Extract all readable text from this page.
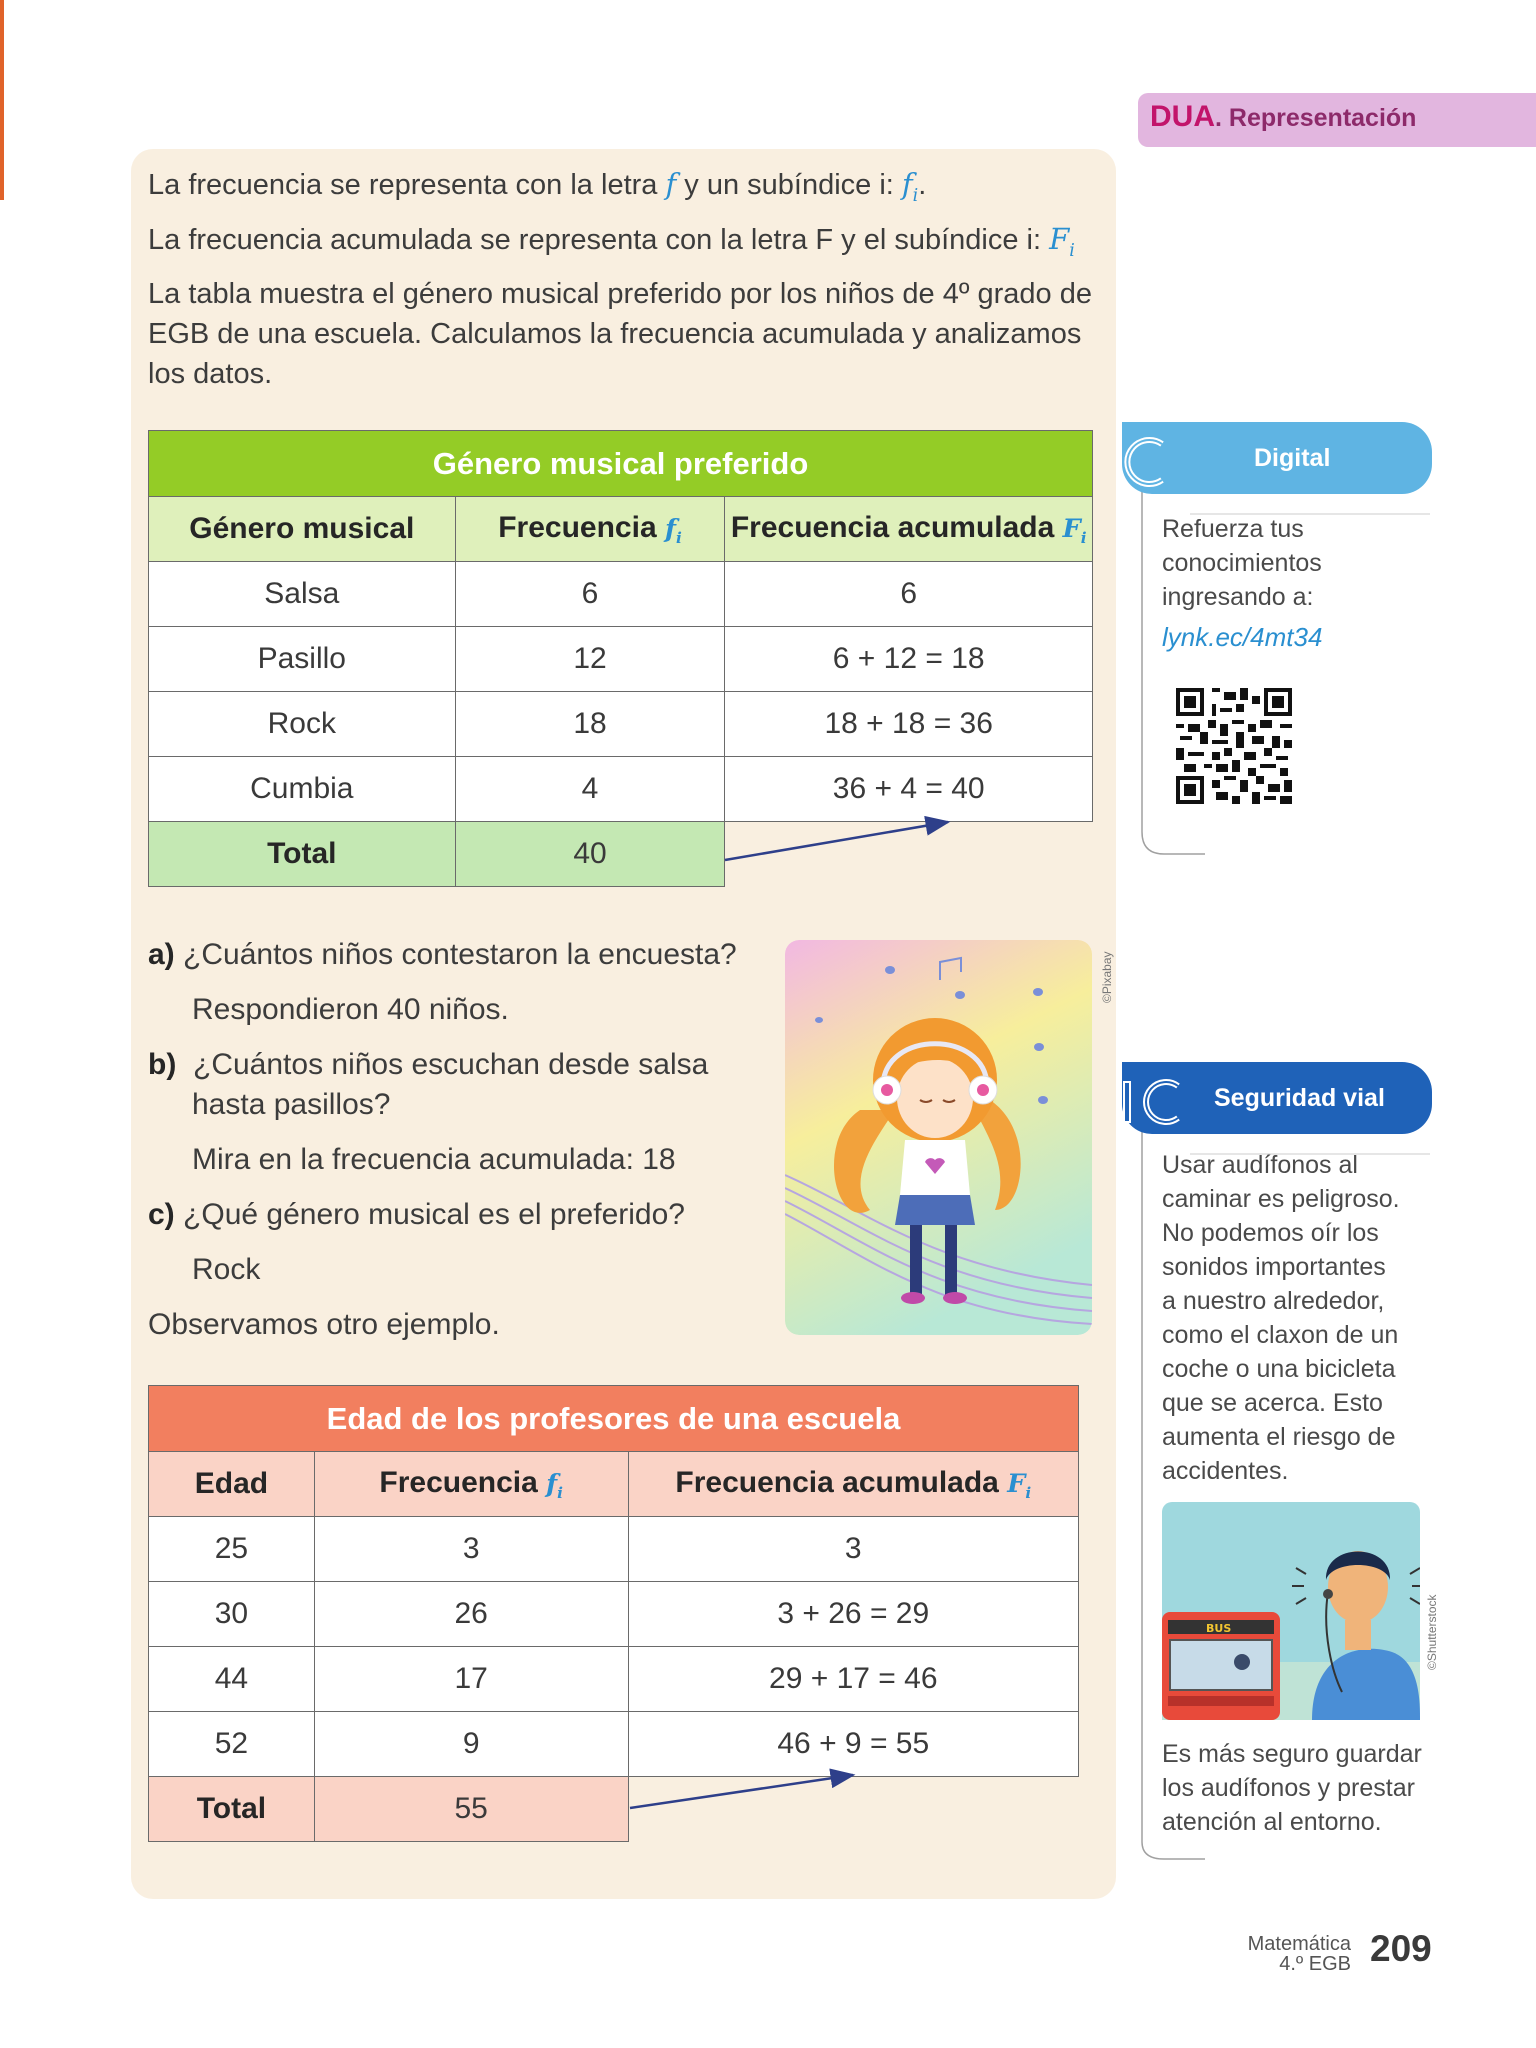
DUA. Representación

La frecuencia se representa con la letra f y un subíndice i: $f_i$.

La frecuencia acumulada se representa con la letra F y el subíndice i: $F_i$

La tabla muestra el género musical preferido por los niños de 4º grado de EGB de una escuela. Calculamos la frecuencia acumulada y analizamos los datos.

Género musical preferido		
Género musical	Frecuencia $f_i$	Frecuencia acumulada $F_i$
Salsa	6	6
Pasillo	12	6 + 12 = 18
Rock	18	18 + 18 = 36
Cumbia	4	36 + 4 = 40
Total	40	
a) ¿Cuántos niños contestaron la encuesta?
Respondieron 40 niños.
b) ¿Cuántos niños escuchan desde salsa
hasta pasillos?
Mira en la frecuencia acumulada: 18
c) ¿Qué género musical es el preferido?
Rock
Observamos otro ejemplo.
©Pixabay
Edad de los profesores de una escuela		
Edad	Frecuencia $f_i$	Frecuencia acumulada $F_i$
25	3	3
30	26	3 + 26 = 29
44	17	29 + 17 = 46
52	9	46 + 9 = 55
Total	55	
Digital
Refuerza tus
conocimientos
ingresando a:
lynk.ec/4mt34
Seguridad vial
Usar audífonos al
caminar es peligroso.
No podemos oír los
sonidos importantes
a nuestro alrededor,
como el claxon de un
coche o una bicicleta
que se acerca. Esto
aumenta el riesgo de
accidentes.
BUS	©Shutterstock
Es más seguro guardar
los audífonos y prestar
atención al entorno.
Matemática
4.º EGB 209
